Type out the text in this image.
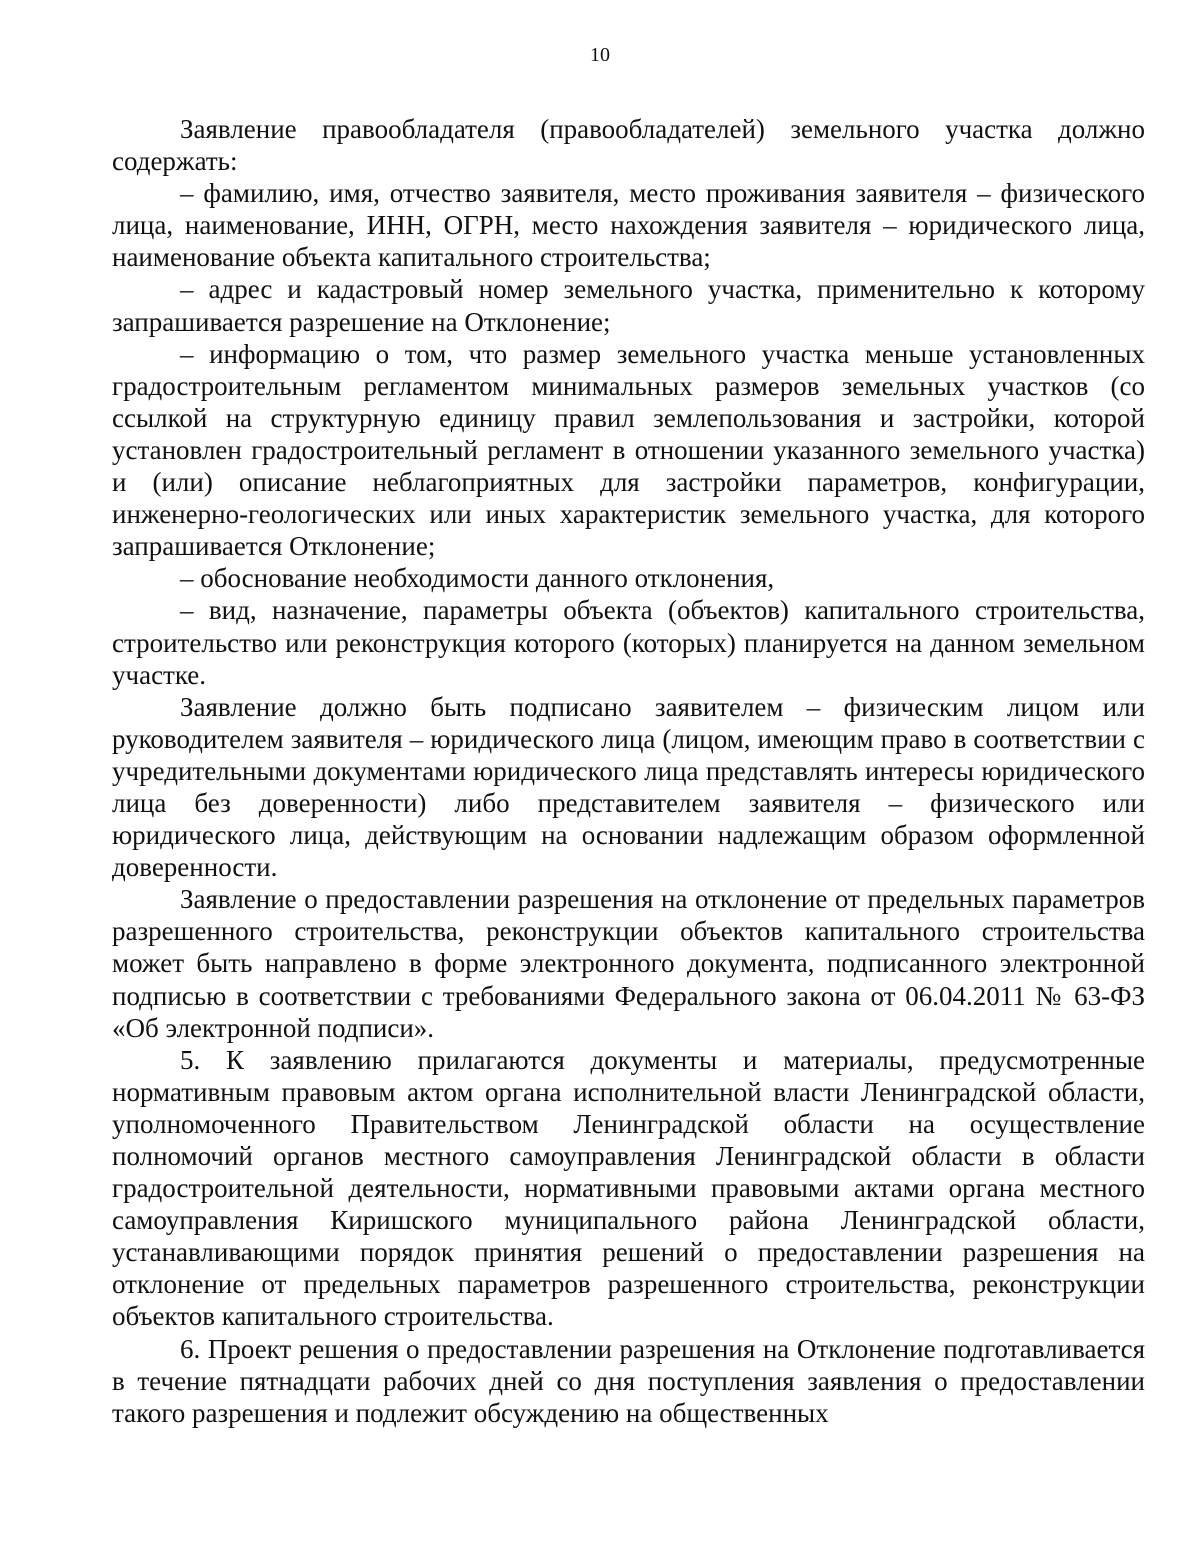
10

Заявление правообладателя (правообладателей) земельного участка должно содержать:

– фамилию, имя, отчество заявителя, место проживания заявителя – физического лица, наименование, ИНН, ОГРН, место нахождения заявителя – юридического лица, наименование объекта капитального строительства;

– адрес и кадастровый номер земельного участка, применительно к которому запрашивается разрешение на Отклонение;

– информацию о том, что размер земельного участка меньше установленных градостроительным регламентом минимальных размеров земельных участков (со ссылкой на структурную единицу правил землепользования и застройки, которой установлен градостроительный регламент в отношении указанного земельного участка) и (или) описание неблагоприятных для застройки параметров, конфигурации, инженерно-геологических или иных характеристик земельного участка, для которого запрашивается Отклонение;

– обоснование необходимости данного отклонения,

– вид, назначение, параметры объекта (объектов) капитального строительства, строительство или реконструкция которого (которых) планируется на данном земельном участке.

Заявление должно быть подписано заявителем – физическим лицом или руководителем заявителя – юридического лица (лицом, имеющим право в соответствии с учредительными документами юридического лица представлять интересы юридического лица без доверенности) либо представителем заявителя – физического или юридического лица, действующим на основании надлежащим образом оформленной доверенности.

Заявление о предоставлении разрешения на отклонение от предельных параметров разрешенного строительства, реконструкции объектов капитального строительства может быть направлено в форме электронного документа, подписанного электронной подписью в соответствии с требованиями Федерального закона от 06.04.2011 № 63-ФЗ «Об электронной подписи».

5. К заявлению прилагаются документы и материалы, предусмотренные нормативным правовым актом органа исполнительной власти Ленинградской области, уполномоченного Правительством Ленинградской области на осуществление полномочий органов местного самоуправления Ленинградской области в области градостроительной деятельности, нормативными правовыми актами органа местного самоуправления Киришского муниципального района Ленинградской области, устанавливающими порядок принятия решений о предоставлении разрешения на отклонение от предельных параметров разрешенного строительства, реконструкции объектов капитального строительства.

6. Проект решения о предоставлении разрешения на Отклонение подготавливается в течение пятнадцати рабочих дней со дня поступления заявления о предоставлении такого разрешения и подлежит обсуждению на общественных
